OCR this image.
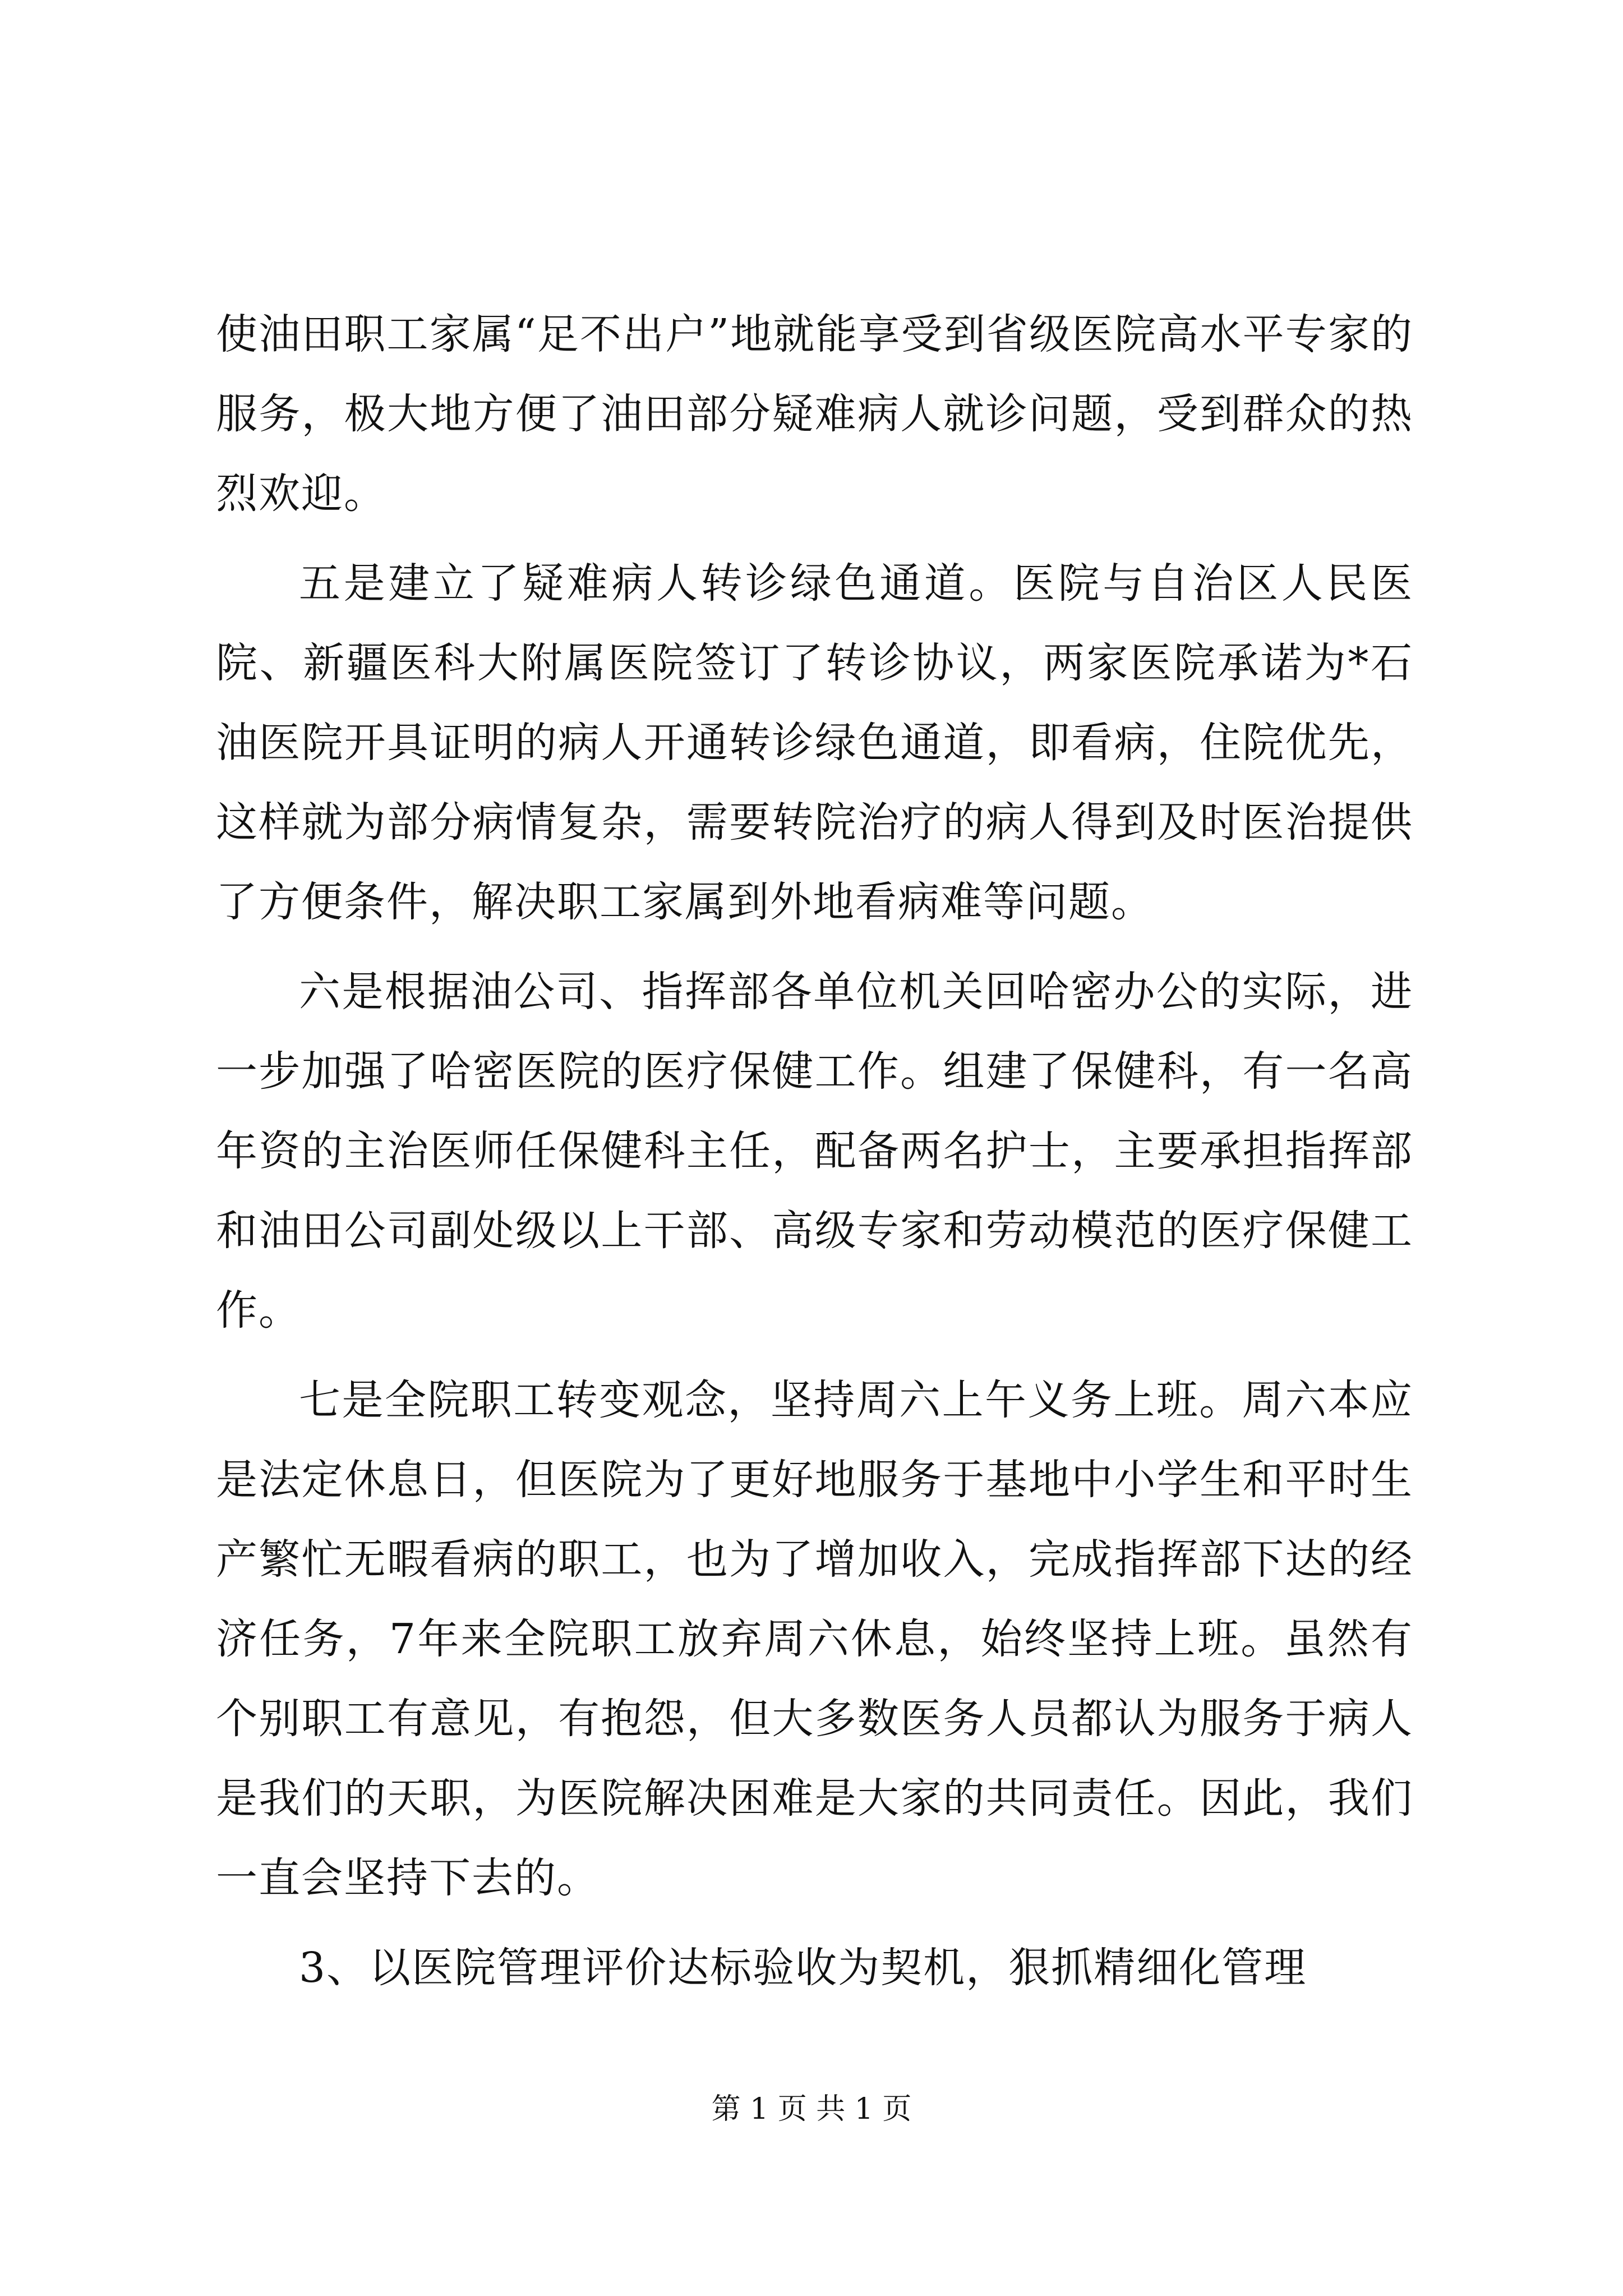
使油田职工家属“足不出户”地就能享受到省级医院高水平专家的服务，极大地方便了油田部分疑难病人就诊问题，受到群众的热烈欢迎。

五是建立了疑难病人转诊绿色通道。医院与自治区人民医院、新疆医科大附属医院签订了转诊协议，两家医院承诺为*石油医院开具证明的病人开通转诊绿色通道，即看病，住院优先，这样就为部分病情复杂，需要转院治疗的病人得到及时医治提供了方便条件，解决职工家属到外地看病难等问题。

六是根据油公司、指挥部各单位机关回哈密办公的实际，进一步加强了哈密医院的医疗保健工作。组建了保健科，有一名高年资的主治医师任保健科主任，配备两名护士，主要承担指挥部和油田公司副处级以上干部、高级专家和劳动模范的医疗保健工作。

七是全院职工转变观念，坚持周六上午义务上班。周六本应是法定休息日，但医院为了更好地服务于基地中小学生和平时生产繁忙无暇看病的职工，也为了增加收入，完成指挥部下达的经济任务，7年来全院职工放弃周六休息，始终坚持上班。虽然有个别职工有意见，有抱怨，但大多数医务人员都认为服务于病人是我们的天职，为医院解决困难是大家的共同责任。因此，我们一直会坚持下去的。

3、以医院管理评价达标验收为契机，狠抓精细化管理

第 1 页 共 1 页
